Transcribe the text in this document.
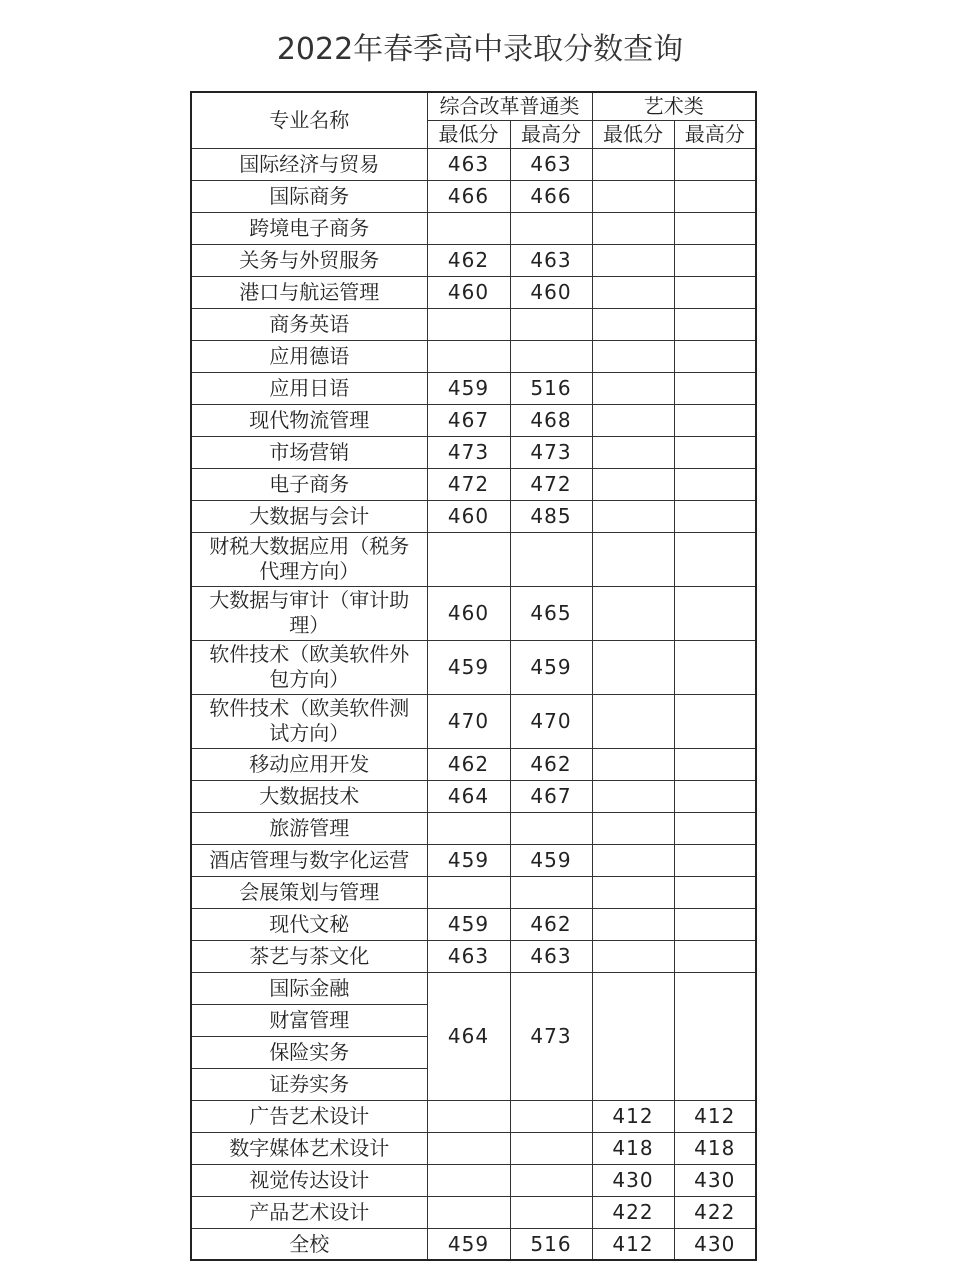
2022年春季高中录取分数查询
专业名称	综合改革普通类		艺术类	
	最低分	最高分	最低分	最高分
国际经济与贸易	463	463		
国际商务	466	466		
跨境电子商务				
关务与外贸服务	462	463		
港口与航运管理	460	460		
商务英语				
应用德语				
应用日语	459	516		
现代物流管理	467	468		
市场营销	473	473		
电子商务	472	472		
大数据与会计	460	485		
财税大数据应用（税务代理方向）				
大数据与审计（审计助理）	460	465		
软件技术（欧美软件外包方向）	459	459		
软件技术（欧美软件测试方向）	470	470		
移动应用开发	462	462		
大数据技术	464	467		
旅游管理				
酒店管理与数字化运营	459	459		
会展策划与管理				
现代文秘	459	462		
茶艺与茶文化	463	463		
国际金融	464	473		
财富管理				
保险实务				
证券实务				
广告艺术设计			412	412
数字媒体艺术设计			418	418
视觉传达设计			430	430
产品艺术设计			422	422
全校	459	516	412	430
